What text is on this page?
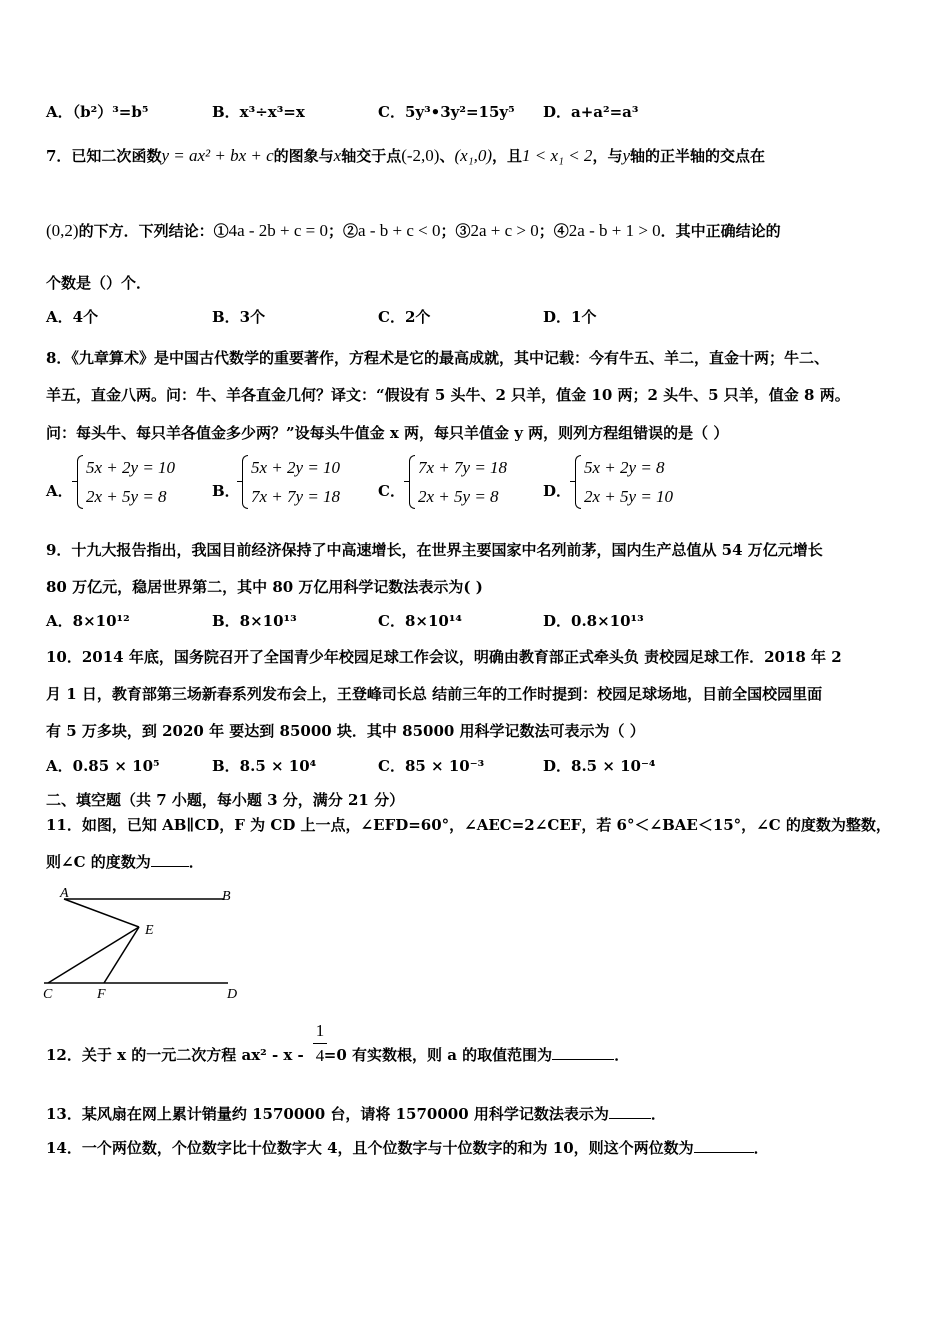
A．（b²）³=b⁵	B．x³÷x³=x	C．5y³•3y²=15y⁵ D．a+a²=a³
7．已知二次函数y = ax² + bx + c的图象与x轴交于点(-2,0)、(x₁,0)，且1 < x₁ < 2，与y轴的正半轴的交点在
(0,2)的下方．下列结论：①4a - 2b + c = 0；②a - b + c < 0；③2a + c > 0；④2a - b + 1 > 0．其中正确结论的
个数是（）个．
A．4个	B．3个	C．2个	D．1个
8．《九章算术》是中国古代数学的重要著作，方程术是它的最高成就，其中记载：今有牛五、羊二，直金十两；牛二、
羊五，直金八两。问：牛、羊各直金几何？译文：“假设有 5 头牛、2 只羊，值金 10 两；2 头牛、5 只羊，值金 8 两。
问：每头牛、每只羊各值金多少两？”设每头牛值金 x 两，每只羊值金 y 两，则列方程组错误的是（ ）
A．
5x + 2y = 10
2x + 5y = 8	B．
5x + 2y = 10
7x + 7y = 18	C．
7x + 7y = 18
2x + 5y = 8	D．
5x + 2y = 8
2x + 5y = 10
9．十九大报告指出，我国目前经济保持了中高速增长，在世界主要国家中名列前茅，国内生产总值从 54 万亿元增长
80 万亿元，稳居世界第二，其中 80 万亿用科学记数法表示为( )
A．8×10¹²	B．8×10¹³	C．8×10¹⁴	D．0.8×10¹³
10．2014 年底，国务院召开了全国青少年校园足球工作会议，明确由教育部正式牵头负 责校园足球工作．2018 年 2
月 1 日，教育部第三场新春系列发布会上，王登峰司长总 结前三年的工作时提到：校园足球场地，目前全国校园里面
有 5 万多块，到 2020 年 要达到 85000 块．其中 85000 用科学记数法可表示为（ ）
A．0.85 × 10⁵	B．8.5 × 10⁴	C．85 × 10⁻³	D．8.5 × 10⁻⁴
二、填空题（共 7 小题，每小题 3 分，满分 21 分）
11．如图，已知 AB∥CD，F 为 CD 上一点，∠EFD=60°，∠AEC=2∠CEF，若 6°＜∠BAE＜15°，∠C 的度数为整数，
则∠C 的度数为	．
A	B
E
C	F	D
12．关于 x 的一元二次方程 ax² - x - =0 有实数根，则 a 的取值范围为	．
1
4
13．某风扇在网上累计销量约 1570000 台，请将 1570000 用科学记数法表示为	．
14．一个两位数，个位数字比十位数字大 4，且个位数字与十位数字的和为 10，则这个两位数为	．
